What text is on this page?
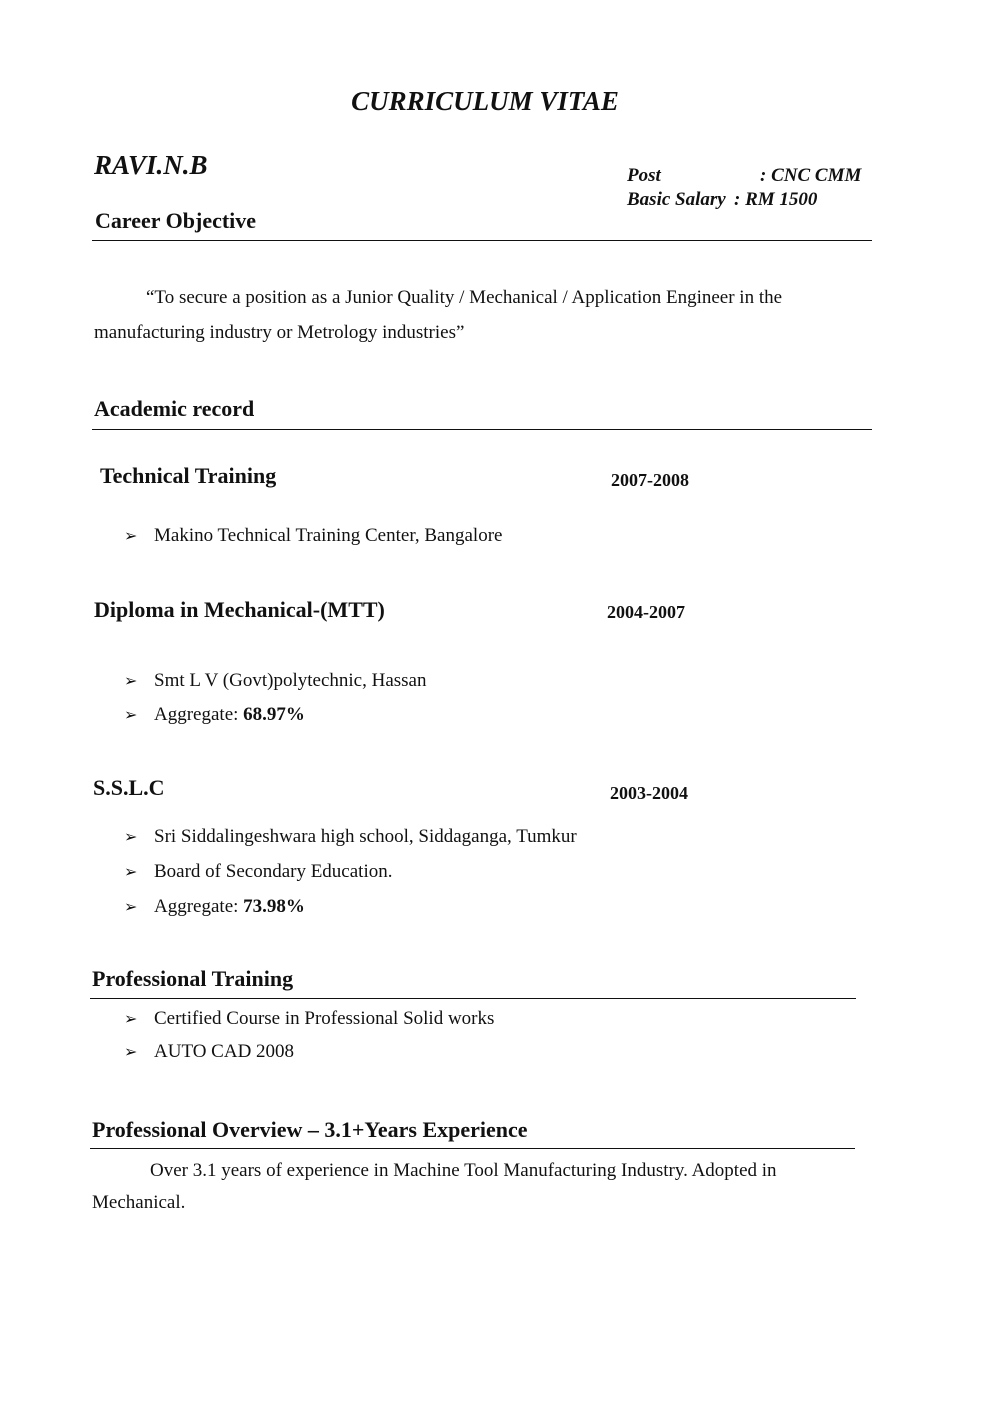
CURRICULUM VITAE
RAVI.N.B	Post	: CNC CMM
Basic Salary : RM 1500
Career Objective
“To secure a position as a Junior Quality / Mechanical / Application Engineer in the
manufacturing industry or Metrology industries”
Academic record
Technical Training	2007-2008
➢ Makino Technical Training Center, Bangalore
Diploma in Mechanical-(MTT)	2004-2007
➢ Smt L V (Govt)polytechnic, Hassan
➢ Aggregate: 68.97%
S.S.L.C	2003-2004
➢ Sri Siddalingeshwara high school, Siddaganga, Tumkur
➢ Board of Secondary Education.
➢ Aggregate: 73.98%
Professional Training
➢ Certified Course in Professional Solid works
➢ AUTO CAD 2008
Professional Overview – 3.1+Years Experience
Over 3.1 years of experience in Machine Tool Manufacturing Industry. Adopted in
Mechanical.
